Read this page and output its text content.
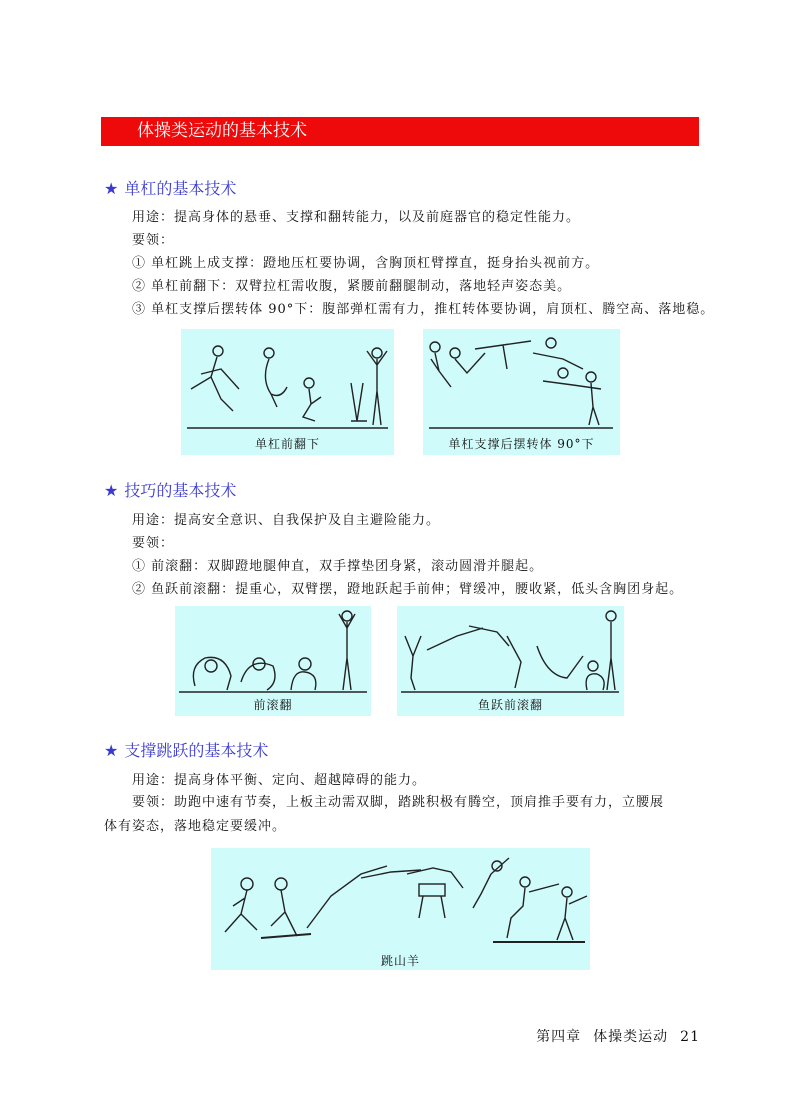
体操类运动的基本技术
★ 单杠的基本技术
用途：提高身体的悬垂、支撑和翻转能力，以及前庭器官的稳定性能力。
要领：
① 单杠跳上成支撑：蹬地压杠要协调，含胸顶杠臂撑直，挺身抬头视前方。
② 单杠前翻下：双臂拉杠需收腹，紧腰前翻腿制动，落地轻声姿态美。
③ 单杠支撑后摆转体 90°下：腹部弹杠需有力，推杠转体要协调，肩顶杠、腾空高、落地稳。
单杠前翻下	单杠支撑后摆转体 90°下
★ 技巧的基本技术
用途：提高安全意识、自我保护及自主避险能力。
要领：
① 前滚翻：双脚蹬地腿伸直，双手撑垫团身紧，滚动圆滑并腿起。
② 鱼跃前滚翻：提重心，双臂摆，蹬地跃起手前伸；臂缓冲，腰收紧，低头含胸团身起。
前滚翻	鱼跃前滚翻
★ 支撑跳跃的基本技术
用途：提高身体平衡、定向、超越障碍的能力。
要领：助跑中速有节奏，上板主动需双脚，踏跳积极有腾空，顶肩推手要有力，立腰展体有姿态，落地稳定要缓冲。
跳山羊
第四章 体操类运动 21
